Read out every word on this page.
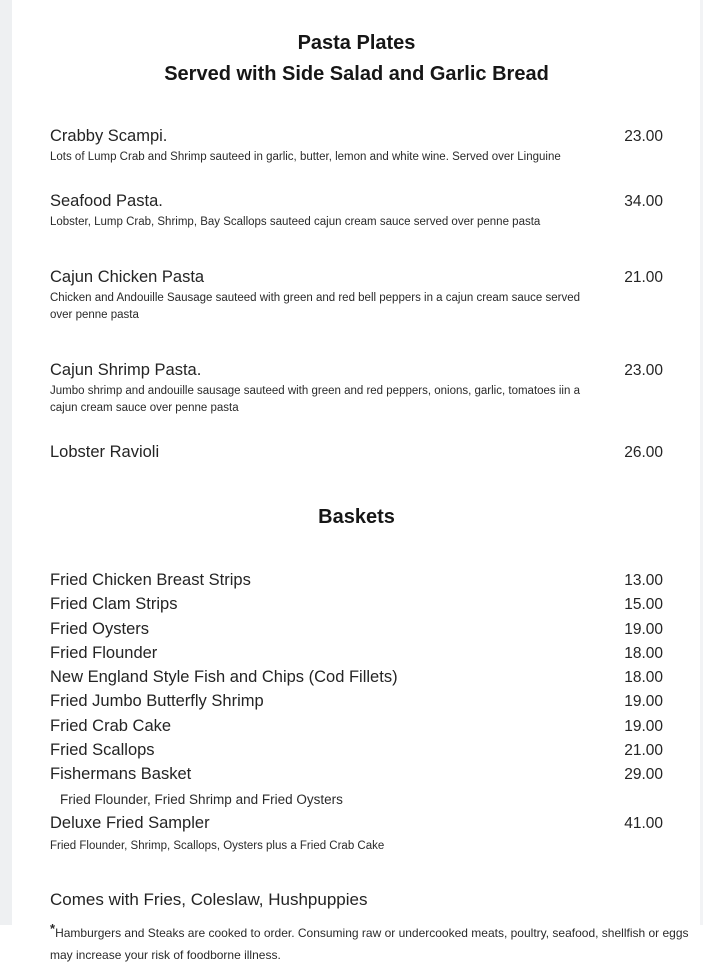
Pasta Plates
Served with Side Salad and Garlic Bread
Crabby Scampi.	23.00
Lots of Lump Crab and Shrimp sauteed in garlic, butter, lemon and white wine. Served over Linguine
Seafood Pasta.	34.00
Lobster, Lump Crab, Shrimp, Bay Scallops sauteed cajun cream sauce served over penne pasta
Cajun Chicken Pasta	21.00
Chicken and Andouille Sausage sauteed with green and red bell peppers in a cajun cream sauce served over penne pasta
Cajun Shrimp Pasta.	23.00
Jumbo shrimp and andouille sausage sauteed with green and red peppers, onions, garlic, tomatoes iin a cajun cream sauce over penne pasta
Lobster Ravioli	26.00
Baskets
Fried Chicken Breast Strips	13.00
Fried Clam Strips	15.00
Fried Oysters	19.00
Fried Flounder	18.00
New England Style Fish and Chips (Cod Fillets)	18.00
Fried Jumbo Butterfly Shrimp	19.00
Fried Crab Cake	19.00
Fried Scallops	21.00
Fishermans Basket	29.00
Fried Flounder, Fried Shrimp and Fried Oysters
Deluxe Fried Sampler	41.00
Fried Flounder, Shrimp, Scallops, Oysters plus a Fried Crab Cake
Comes with Fries, Coleslaw, Hushpuppies
*Hamburgers and Steaks are cooked to order. Consuming raw or undercooked meats, poultry, seafood, shellfish or eggs may increase your risk of foodborne illness.
